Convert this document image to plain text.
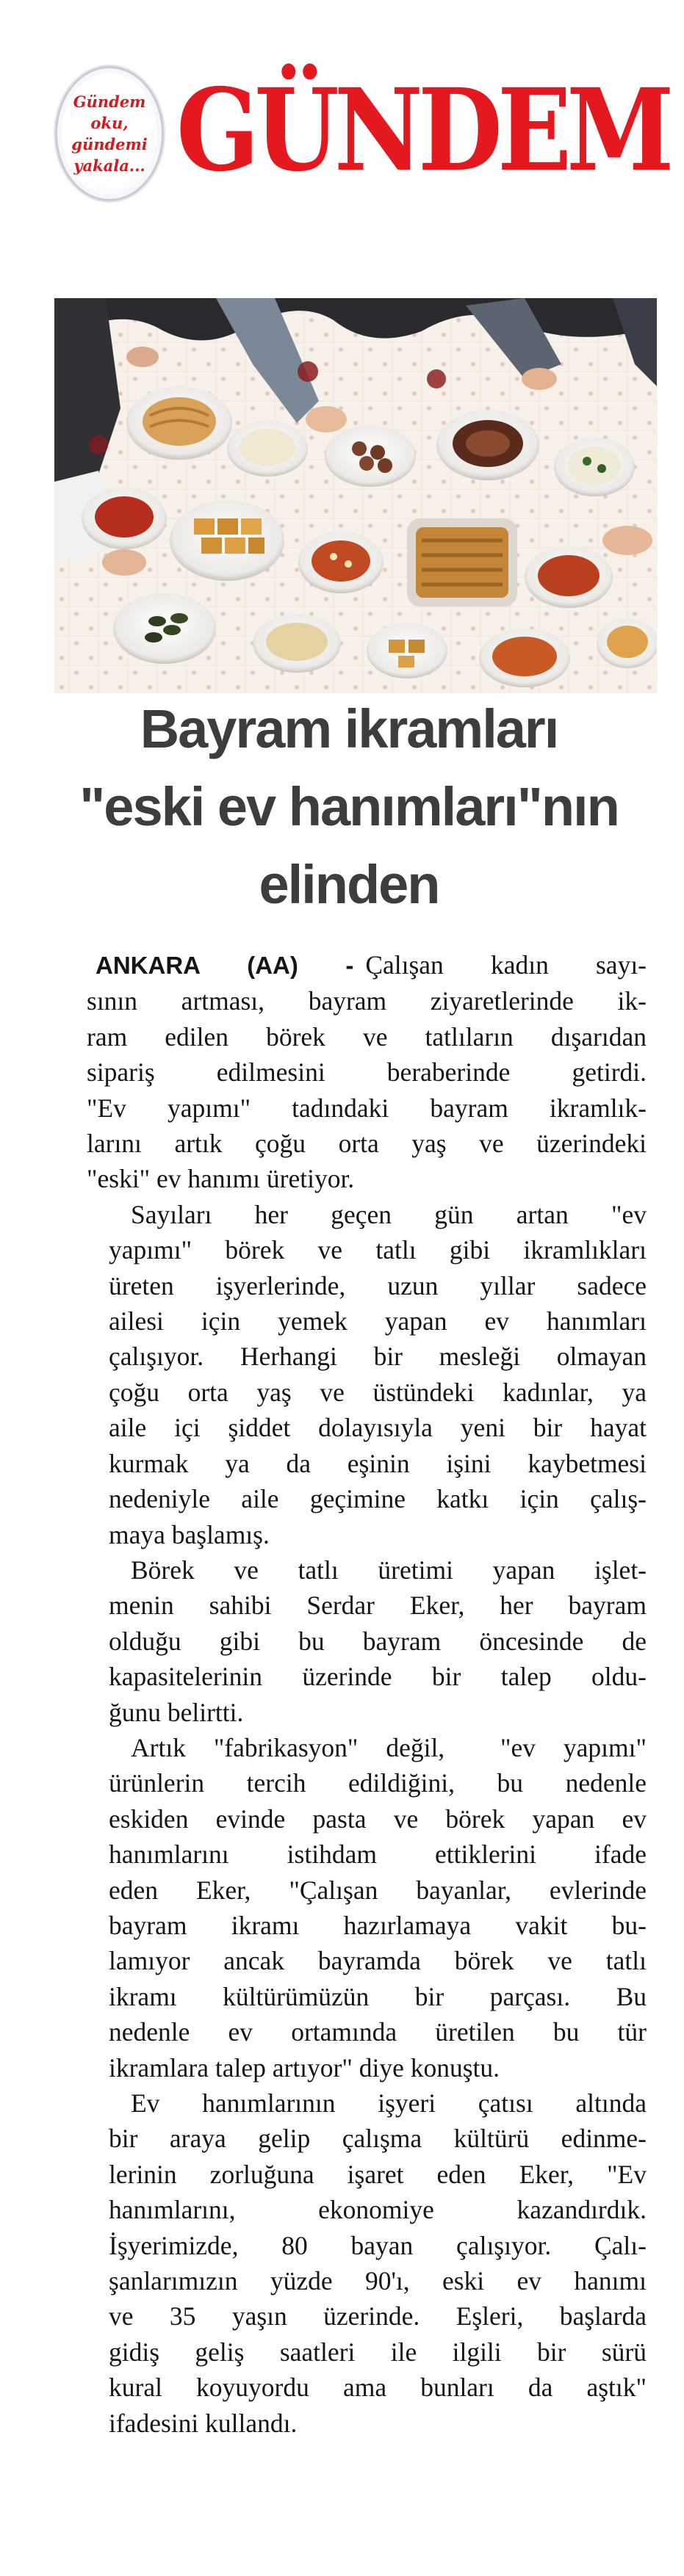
Gündem
oku,
gündemi
yakala... GÜNDEM
Bayram ikramları
"eski ev hanımları"nın
elinden

ANKARA (AA) - Çalışan kadın sayı-
sının artması, bayram ziyaretlerinde ik-
ram edilen börek ve tatlıların dışarıdan
sipariş edilmesini beraberinde getirdi.
"Ev yapımı" tadındaki bayram ikramlık-
larını artık çoğu orta yaş ve üzerindeki
"eski" ev hanımı üretiyor.

Sayıları her geçen gün artan "ev
yapımı" börek ve tatlı gibi ikramlıkları
üreten işyerlerinde, uzun yıllar sadece
ailesi için yemek yapan ev hanımları
çalışıyor. Herhangi bir mesleği olmayan
çoğu orta yaş ve üstündeki kadınlar, ya
aile içi şiddet dolayısıyla yeni bir hayat
kurmak ya da eşinin işini kaybetmesi
nedeniyle aile geçimine katkı için çalış-
maya başlamış.

Börek ve tatlı üretimi yapan işlet-
menin sahibi Serdar Eker, her bayram
olduğu gibi bu bayram öncesinde de
kapasitelerinin üzerinde bir talep oldu-
ğunu belirtti.

Artık "fabrikasyon" değil,  "ev yapımı"
ürünlerin tercih edildiğini, bu nedenle
eskiden evinde pasta ve börek yapan ev
hanımlarını istihdam ettiklerini ifade
eden Eker, "Çalışan bayanlar, evlerinde
bayram ikramı hazırlamaya vakit bu-
lamıyor ancak bayramda börek ve tatlı
ikramı kültürümüzün bir parçası. Bu
nedenle ev ortamında üretilen bu tür
ikramlara talep artıyor" diye konuştu.

Ev hanımlarının işyeri çatısı altında
bir araya gelip çalışma kültürü edinme-
lerinin zorluğuna işaret eden Eker, "Ev
hanımlarını, ekonomiye kazandırdık.
İşyerimizde, 80 bayan çalışıyor. Çalı-
şanlarımızın yüzde 90'ı, eski ev hanımı
ve 35 yaşın üzerinde. Eşleri, başlarda
gidiş geliş saatleri ile ilgili bir sürü
kural koyuyordu ama bunları da aştık"
ifadesini kullandı.
